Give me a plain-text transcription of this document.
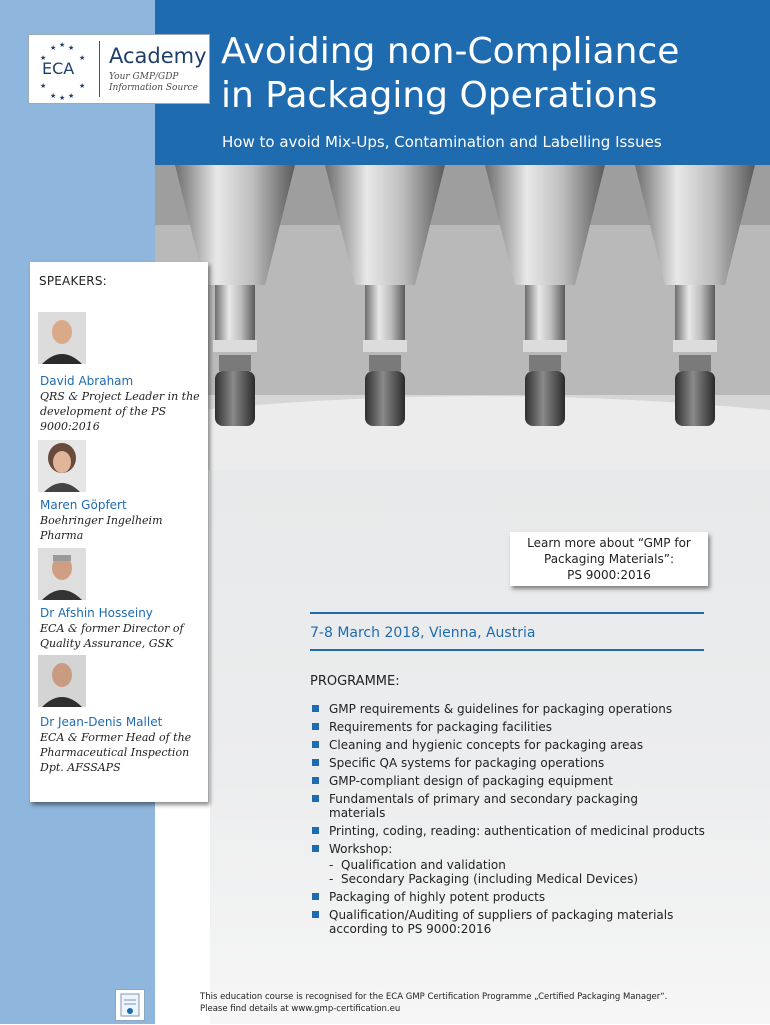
★ ★ ★
★	★
★	★
★ ★ ★
ECA
Academy
Your GMP/GDP Information Source
Avoiding non-Compliance
in Packaging Operations
How to avoid Mix-Ups, Contamination and Labelling Issues
SPEAKERS:
David Abraham
QRS & Project Leader in the development of the PS 9000:2016
Maren Göpfert
Boehringer Ingelheim Pharma
Dr Afshin Hosseiny
ECA & former Director of Quality Assurance, GSK
Dr Jean-Denis Mallet
ECA & Former Head of the Pharmaceutical Inspection Dpt. AFSSAPS
Learn more about “GMP for
Packaging Materials”:
PS 9000:2016
7-8 March 2018, Vienna, Austria
PROGRAMME:
GMP requirements & guidelines for packaging operations
Requirements for packaging facilities
Cleaning and hygienic concepts for packaging areas
Specific QA systems for packaging operations
GMP-compliant design of packaging equipment
Fundamentals of primary and secondary packaging materials
Printing, coding, reading: authentication of medicinal products
Workshop:
- Qualification and validation
- Secondary Packaging (including Medical Devices)
Packaging of highly potent products
Qualification/Auditing of suppliers of packaging materials according to PS 9000:2016
This education course is recognised for the ECA GMP Certification Programme „Certified Packaging Manager“.
Please find details at www.gmp-certification.eu
